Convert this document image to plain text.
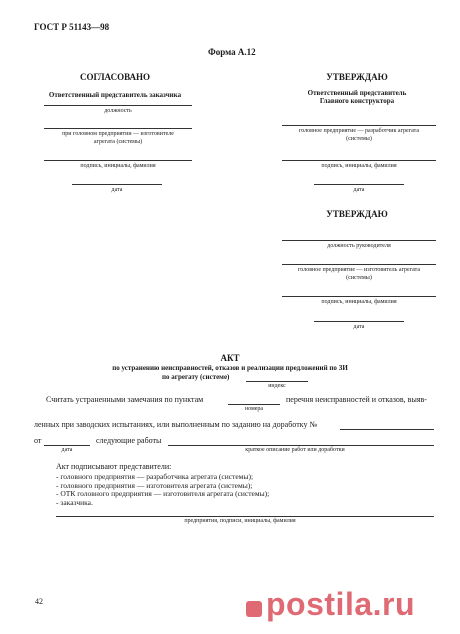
ГОСТ Р 51143—98
Форма А.12
СОГЛАСОВАНО
Ответственный представитель заказчика
должность
при головном предприятии — изготовителе
агрегата (системы)
подпись, инициалы, фамилия
дата
УТВЕРЖДАЮ
Ответственный представитель
Главного конструктора
головное предприятие — разработчик агрегата
(системы)
подпись, инициалы, фамилия
дата
УТВЕРЖДАЮ
должность руководителя
головное предприятие — изготовитель агрегата
(системы)
подпись, инициалы, фамилия
дата
АКТ
по устранению неисправностей, отказов и реализации предложений по ЗИ
по агрегату (системе)
индекс
Считать устраненными замечания по пунктам	перечня неисправностей и отказов, выяв-
номера
ленных при заводских испытаниях, или выполненным по заданию на доработку №
от	следующие работы
дата	краткое описание работ или доработки
Акт подписывают представители:
- головного предприятия — разработчика агрегата (системы);
- головного предприятия — изготовителя агрегата (системы);
- ОТК головного предприятия — изготовителя агрегата (системы);
- заказчика.
предприятия, подписи, инициалы, фамилия
42	postila.ru
